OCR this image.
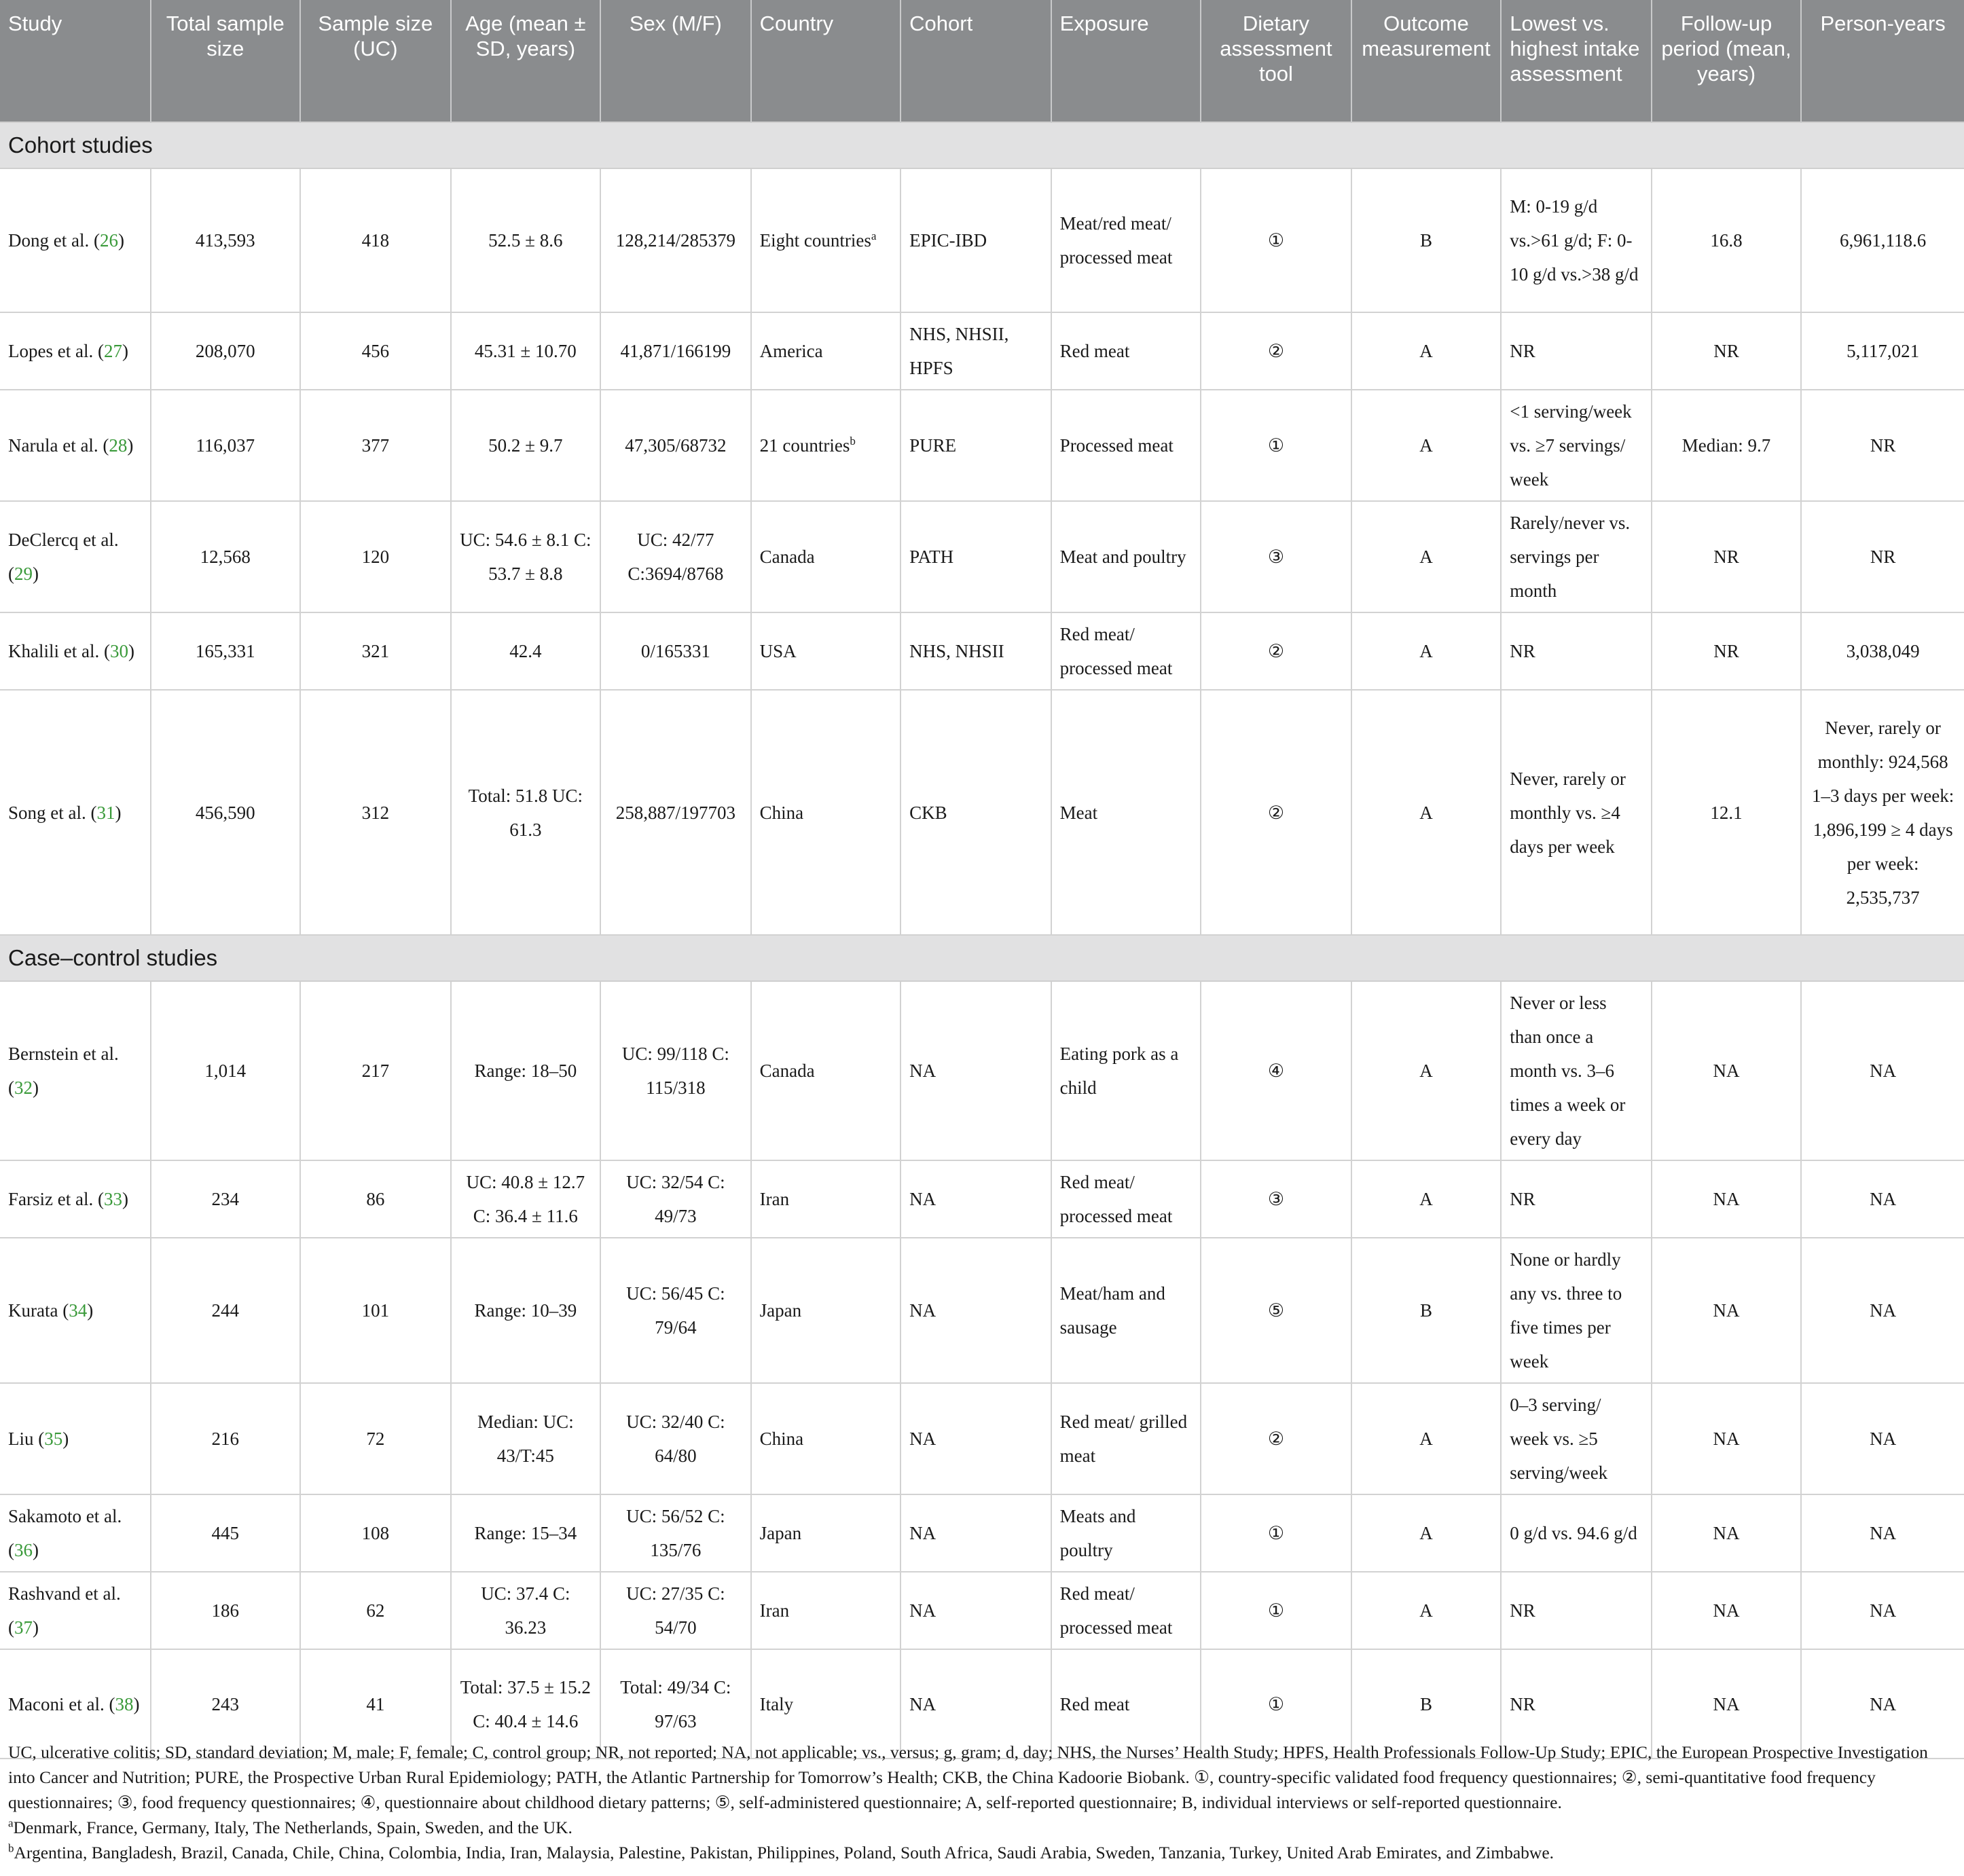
Study	Total sample size	Sample size (UC)	Age (mean ± SD, years)	Sex (M/F)	Country	Cohort	Exposure	Dietary assessment tool	Outcome measurement	Lowest vs. highest intake assessment	Follow-up period (mean, years)	Person-years
Cohort studies												
Dong et al. (26)	413,593	418	52.5 ± 8.6	128,214/285379	Eight countries$^a$	EPIC-IBD	Meat/red meat/ processed meat	①	B	M: 0-19 g/d vs.>61 g/d; F: 0-10 g/d vs.>38 g/d	16.8	6,961,118.6
Lopes et al. (27)	208,070	456	45.31 ± 10.70	41,871/166199	America	NHS, NHSII, HPFS	Red meat	②	A	NR	NR	5,117,021
Narula et al. (28)	116,037	377	50.2 ± 9.7	47,305/68732	21 countries$^b$	PURE	Processed meat	①	A	<1 serving/week vs. ≥7 servings/ week	Median: 9.7	NR
DeClercq et al. (29)	12,568	120	UC: 54.6 ± 8.1 C: 53.7 ± 8.8	UC: 42/77 C:3694/8768	Canada	PATH	Meat and poultry	③	A	Rarely/never vs. servings per month	NR	NR
Khalili et al. (30)	165,331	321	42.4	0/165331	USA	NHS, NHSII	Red meat/ processed meat	②	A	NR	NR	3,038,049
Song et al. (31)	456,590	312	Total: 51.8 UC: 61.3	258,887/197703	China	CKB	Meat	②	A	Never, rarely or monthly vs. ≥4 days per week	12.1	Never, rarely or monthly: 924,568 1–3 days per week: 1,896,199 ≥ 4 days per week: 2,535,737
Case–control studies												
Bernstein et al. (32)	1,014	217	Range: 18–50	UC: 99/118 C: 115/318	Canada	NA	Eating pork as a child	④	A	Never or less than once a month vs. 3–6 times a week or every day	NA	NA
Farsiz et al. (33)	234	86	UC: 40.8 ± 12.7 C: 36.4 ± 11.6	UC: 32/54 C: 49/73	Iran	NA	Red meat/ processed meat	③	A	NR	NA	NA
Kurata (34)	244	101	Range: 10–39	UC: 56/45 C: 79/64	Japan	NA	Meat/ham and sausage	⑤	B	None or hardly any vs. three to five times per week	NA	NA
Liu (35)	216	72	Median: UC: 43/T:45	UC: 32/40 C: 64/80	China	NA	Red meat/ grilled meat	②	A	0–3 serving/ week vs. ≥5 serving/week	NA	NA
Sakamoto et al. (36)	445	108	Range: 15–34	UC: 56/52 C: 135/76	Japan	NA	Meats and poultry	①	A	0 g/d vs. 94.6 g/d	NA	NA
Rashvand et al. (37)	186	62	UC: 37.4 C: 36.23	UC: 27/35 C: 54/70	Iran	NA	Red meat/ processed meat	①	A	NR	NA	NA
Maconi et al. (38)	243	41	Total: 37.5 ± 15.2 C: 40.4 ± 14.6	Total: 49/34 C: 97/63	Italy	NA	Red meat	①	B	NR	NA	NA

UC, ulcerative colitis; SD, standard deviation; M, male; F, female; C, control group; NR, not reported; NA, not applicable; vs., versus; g, gram; d, day; NHS, the Nurses’ Health Study; HPFS, Health Professionals Follow-Up Study; EPIC, the European Prospective Investigation into Cancer and Nutrition; PURE, the Prospective Urban Rural Epidemiology; PATH, the Atlantic Partnership for Tomorrow’s Health; CKB, the China Kadoorie Biobank. ①, country-specific validated food frequency questionnaires; ②, semi-quantitative food frequency questionnaires; ③, food frequency questionnaires; ④, questionnaire about childhood dietary patterns; ⑤, self-administered questionnaire; A, self-reported questionnaire; B, individual interviews or self-reported questionnaire.

$^a$Denmark, France, Germany, Italy, The Netherlands, Spain, Sweden, and the UK.

$^b$Argentina, Bangladesh, Brazil, Canada, Chile, China, Colombia, India, Iran, Malaysia, Palestine, Pakistan, Philippines, Poland, South Africa, Saudi Arabia, Sweden, Tanzania, Turkey, United Arab Emirates, and Zimbabwe.
